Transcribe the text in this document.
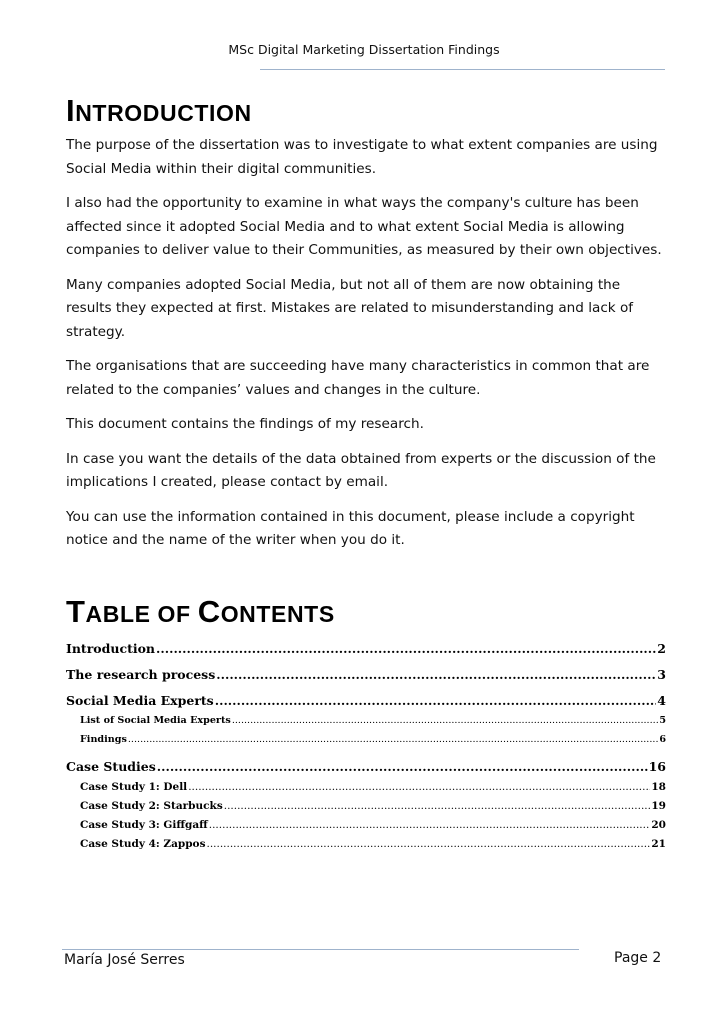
MSc Digital Marketing Dissertation Findings
INTRODUCTION

The purpose of the dissertation was to investigate to what extent companies are using Social Media within their digital communities.

I also had the opportunity to examine in what ways the company's culture has been affected since it adopted Social Media and to what extent Social Media is allowing companies to deliver value to their Communities, as measured by their own objectives.

Many companies adopted Social Media, but not all of them are now obtaining the results they expected at first. Mistakes are related to misunderstanding and lack of strategy.

The organisations that are succeeding have many characteristics in common that are related to the companies’ values and changes in the culture.

This document contains the findings of my research.

In case you want the details of the data obtained from experts or the discussion of the implications I created, please contact by email.

You can use the information contained in this document, please include a copyright notice and the name of the writer when you do it.

TABLE OF CONTENTS
Introduction .....	2
The research process .....	3
Social Media Experts .....	4
List of Social Media Experts .....	5
Findings .....	6
Case Studies .....	16
Case Study 1: Dell .....	18
Case Study 2: Starbucks .....	19
Case Study 3: Giffgaff .....	20
Case Study 4: Zappos .....	21
María José Serres	Page 2
